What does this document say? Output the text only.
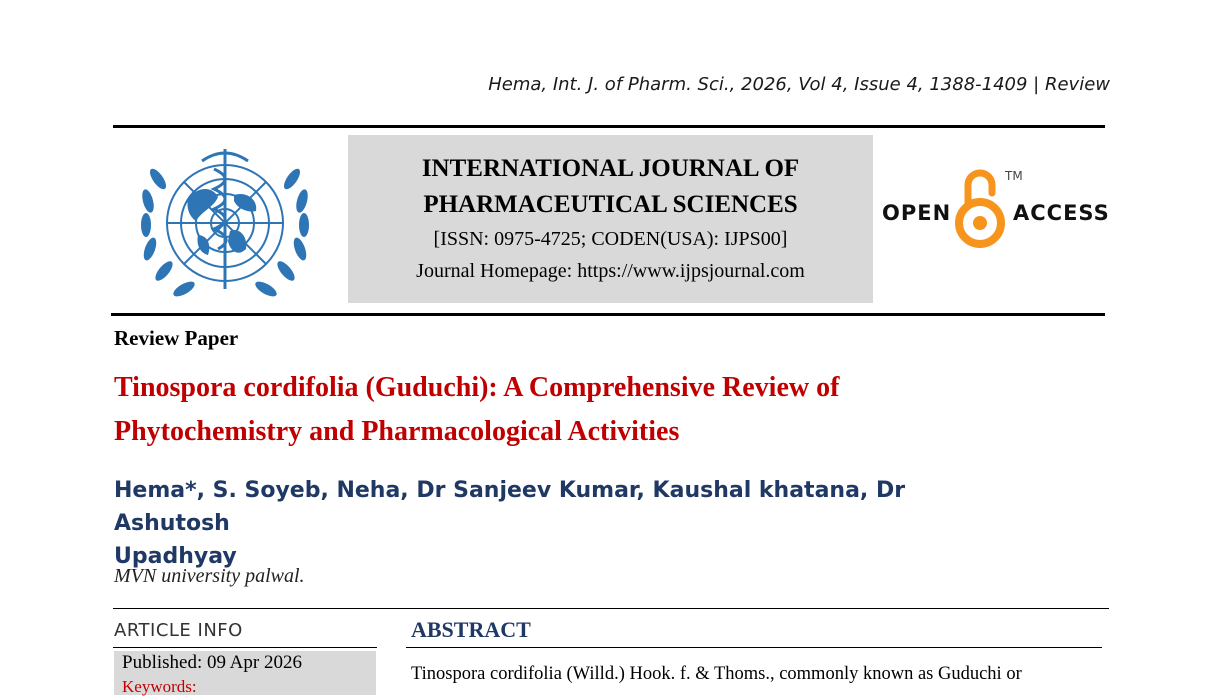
Hema, Int. J. of Pharm. Sci., 2026, Vol 4, Issue 4, 1388-1409 | Review
INTERNATIONAL JOURNAL OF
PHARMACEUTICAL SCIENCES
[ISSN: 0975-4725; CODEN(USA): IJPS00]
Journal Homepage: https://www.ijpsjournal.com
OPEN
TM
ACCESS
Review Paper
Tinospora cordifolia (Guduchi): A Comprehensive Review of
Phytochemistry and Pharmacological Activities
Hema*, S. Soyeb, Neha, Dr Sanjeev Kumar, Kaushal khatana, Dr Ashutosh
Upadhyay
MVN university palwal.
ARTICLE INFO	ABSTRACT
Published: 09 Apr 2026
Keywords:
Tinospora cordifolia (Willd.) Hook. f. & Thoms., commonly known as Guduchi or
